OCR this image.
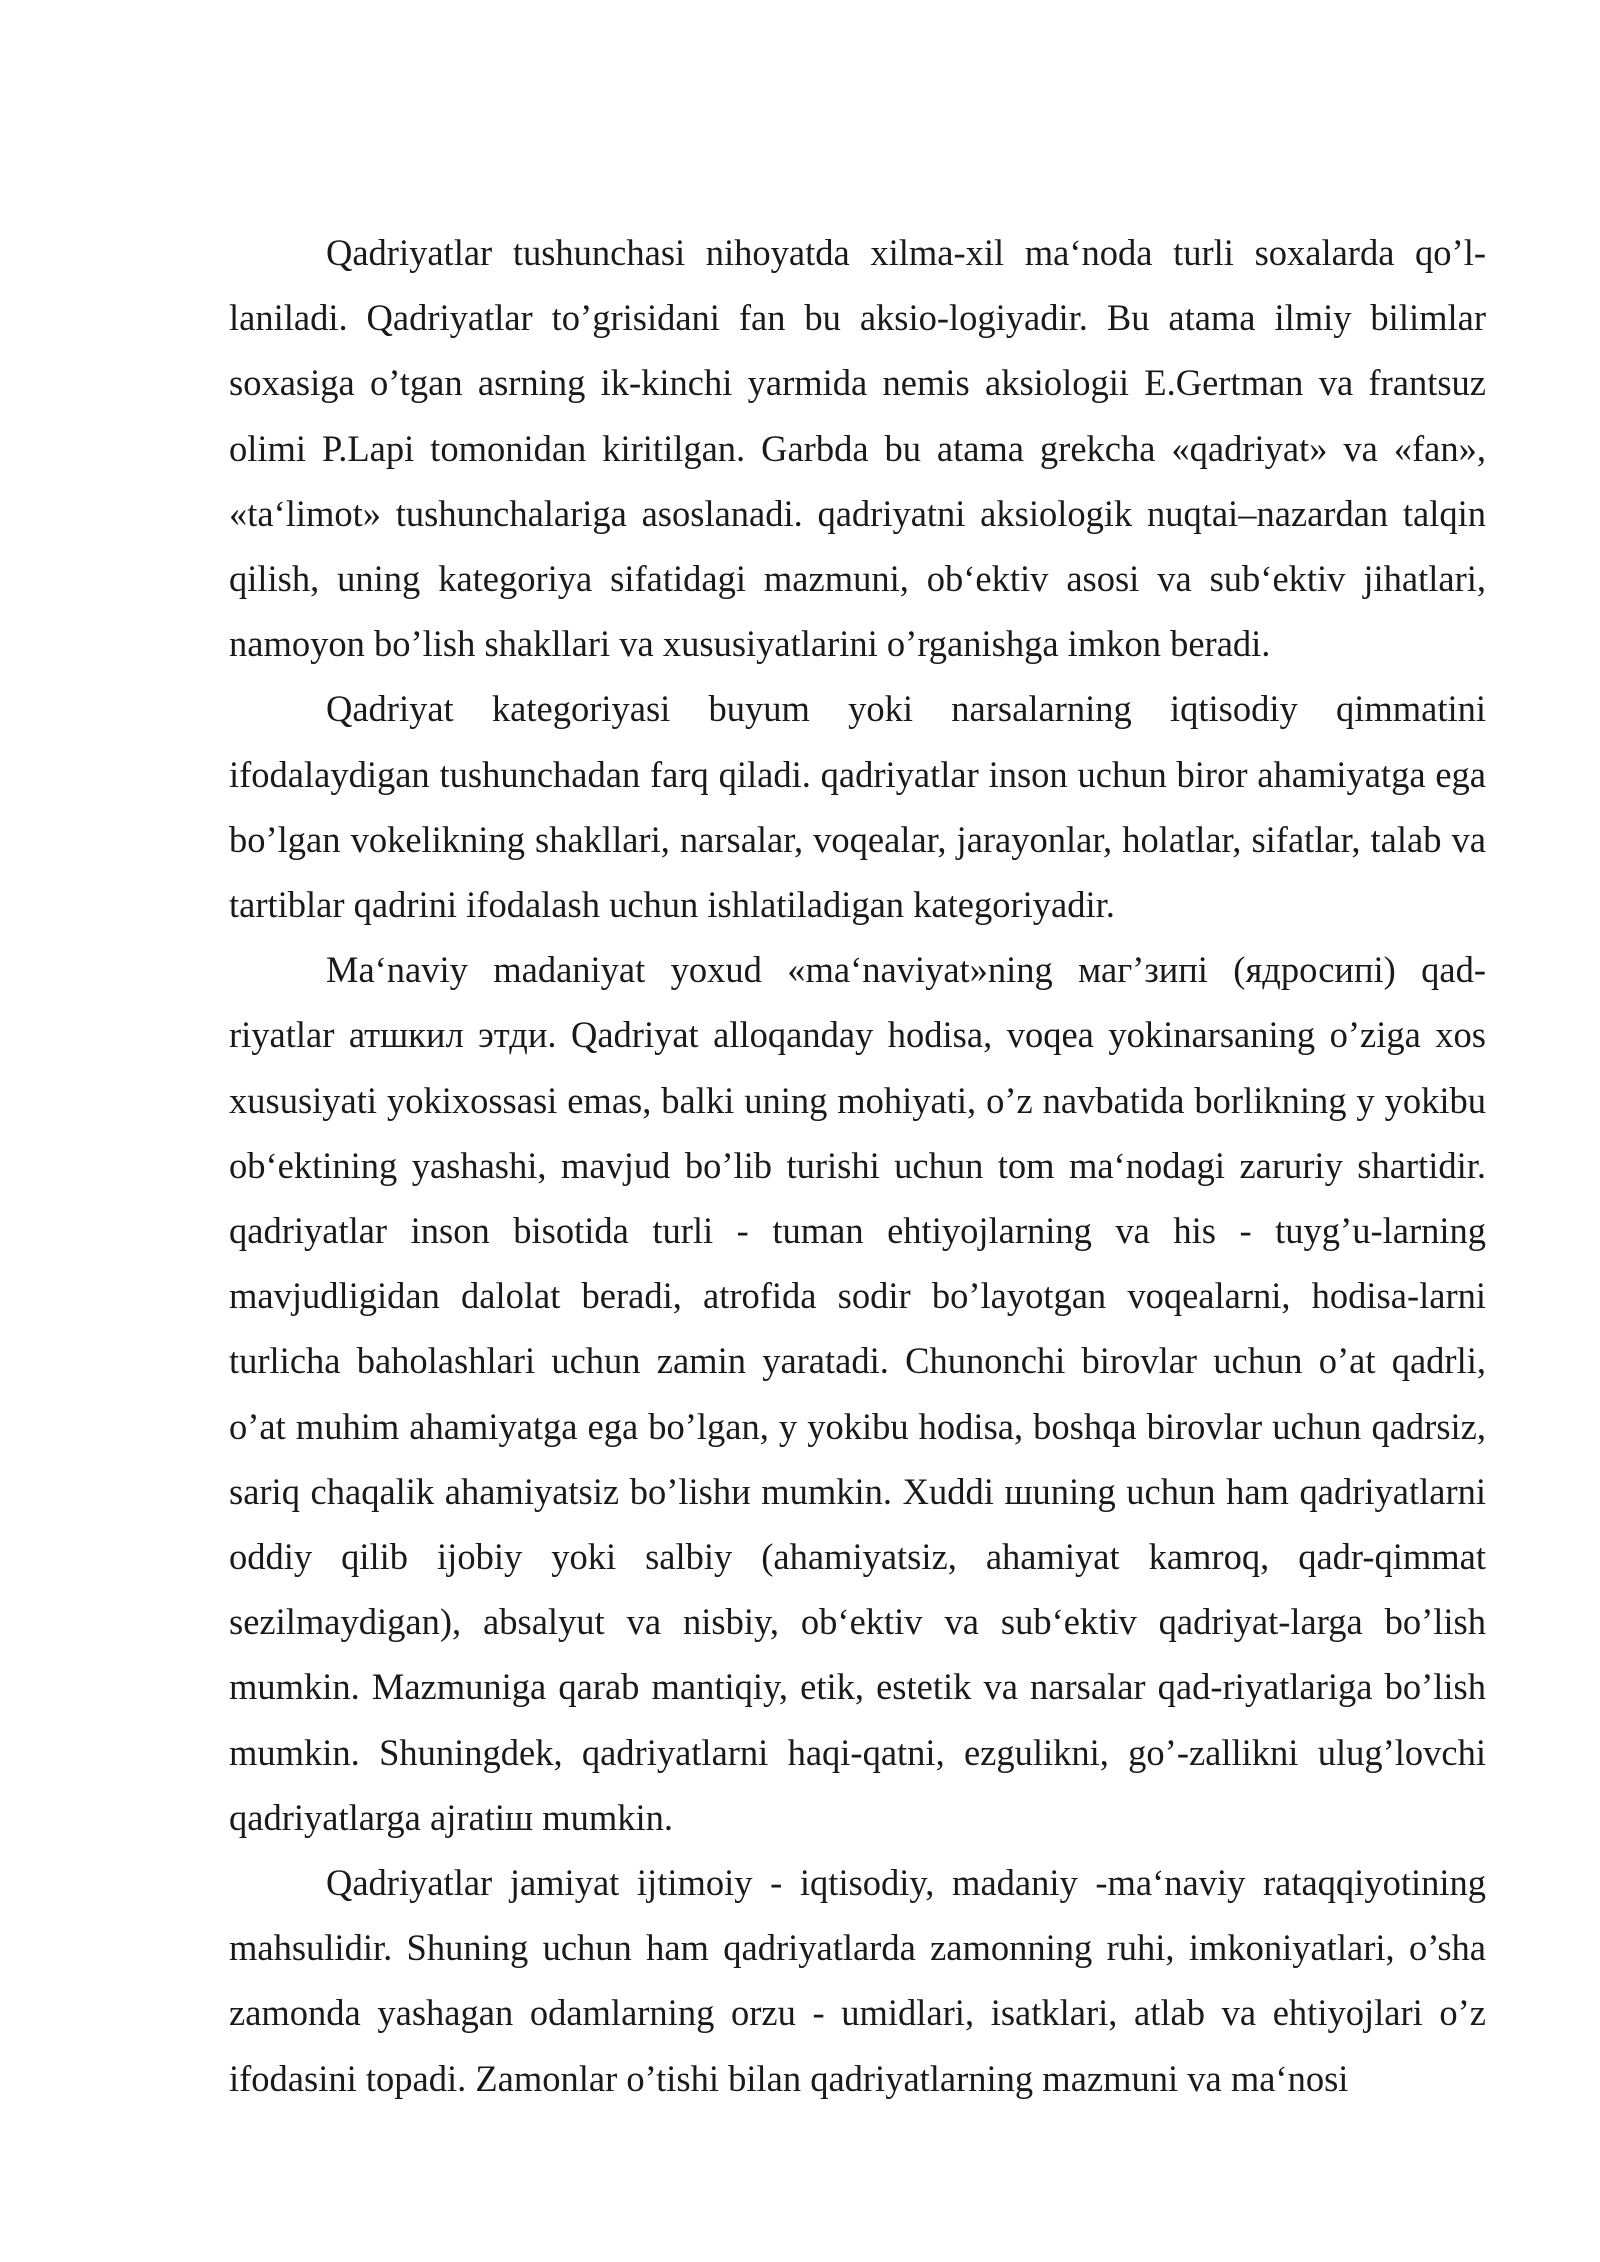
Qadriyatlar tushunchasi nihoyatda xilma-xil ma‘noda turli soxalarda qo’l-laniladi. Qadriyatlar to’grisidani fan bu aksio-logiyadir. Bu atama ilmiy bilimlar soxasiga o’tgan asrning ik-kinchi yarmida nemis aksiologii E.Gertman va frantsuz olimi P.Lapi tomonidan kiritilgan. Garbda bu atama grekcha «qadriyat» va «fan», «ta‘limot» tushunchalariga asoslanadi. qadriyatni aksiologik nuqtai–nazardan talqin qilish, uning kategoriya sifatidagi mazmuni, ob‘ektiv asosi va sub‘ektiv jihatlari, namoyon bo’lish shakllari va xususiyatlarini o’rganishga imkon beradi.

Qadriyat kategoriyasi buyum yoki narsalarning iqtisodiy qimmatini ifodalaydigan tushunchadan farq qiladi. qadriyatlar inson uchun biror ahamiyatga ega bo’lgan vokelikning shakllari, narsalar, voqealar, jarayonlar, holatlar, sifatlar, talab va tartiblar qadrini ifodalash uchun ishlatiladigan kategoriyadir.

Ma‘naviy madaniyat yoxud «ma‘naviyat»ning маг’зипi (ядросипi) qad-riyatlar атшкил этди. Qadriyat alloqanday hodisa, voqea yokinarsaning o’ziga xos xususiyati yokixossasi emas, balki uning mohiyati, o’z navbatida borlikning у yokibu ob‘ektining yashashi, mavjud bo’lib turishi uchun tom ma‘nodagi zaruriy shartidir. qadriyatlar inson bisotida turli - tuman ehtiyojlarning va his - tuyg’u-larning mavjudligidan dalolat beradi, atrofida sodir bo’layotgan voqealarni, hodisa-larni turlicha baholashlari uchun zamin yaratadi. Chunonchi birovlar uchun o’at qadrli, o’at muhim ahamiyatga ega bo’lgan, у yokibu hodisa, boshqa birovlar uchun qadrsiz, sariq chaqalik ahamiyatsiz bo’lishи mumkin. Xuddi шuning uchun ham qadriyatlarni oddiy qilib ijobiy yoki salbiy (ahamiyatsiz, ahamiyat kamroq, qadr-qimmat sezilmaydigan), absalyut va nisbiy, ob‘ektiv va sub‘ektiv qadriyat-larga bo’lish mumkin. Mazmuniga qarab mantiqiy, etik, estetik va narsalar qad-riyatlariga bo’lish mumkin. Shuningdek, qadriyatlarni haqi-qatni, ezgulikni, go’-zallikni ulug’lovchi qadriyatlarga ajratiш mumkin.

Qadriyatlar jamiyat ijtimoiy - iqtisodiy, madaniy -ma‘naviy rataqqiyotining mahsulidir. Shuning uchun ham qadriyatlarda zamonning ruhi, imkoniyatlari, o’sha zamonda yashagan odamlarning orzu - umidlari, isatklari, atlab va ehtiyojlari o’z ifodasini topadi. Zamonlar o’tishi bilan qadriyatlarning mazmuni va ma‘nosi
